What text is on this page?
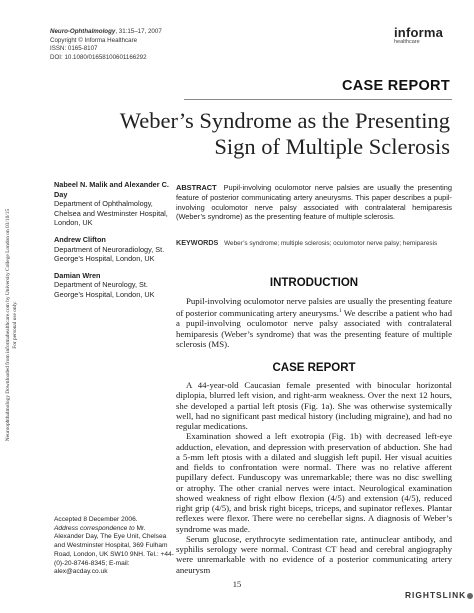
Neuro-Ophthalmology, 31:15–17, 2007
Copyright © Informa Healthcare
ISSN: 0165-8107
DOI: 10.1080/01658100601166292
informa
healthcare
Neuroophthalmology Downloaded from informahealthcare.com by University College London on 03/10/15 For personal use only.
CASE REPORT
Weber’s Syndrome as the Presenting
Sign of Multiple Sclerosis
Nabeel N. Malik and Alexander C. Day
Department of Ophthalmology, Chelsea and Westminster Hospital, London, UK
Andrew Clifton
Department of Neuroradiology, St. George’s Hospital, London, UK
Damian Wren
Department of Neurology, St. George’s Hospital, London, UK
ABSTRACT Pupil-involving oculomotor nerve palsies are usually the presenting feature of posterior communicating artery aneurysms. This paper describes a pupil-involving oculomotor nerve palsy associated with contralateral hemiparesis (Weber’s syndrome) as the presenting feature of multiple sclerosis.
KEYWORDS Weber’s syndrome; multiple sclerosis; oculomotor nerve palsy; hemiparesis
INTRODUCTION

Pupil-involving oculomotor nerve palsies are usually the presenting feature of posterior communicating artery aneurysms.$^1$ We describe a patient who had a pupil-involving oculomotor nerve palsy associated with contralateral hemiparesis (Weber’s syndrome) that was the presenting feature of multiple sclerosis (MS).

CASE REPORT

A 44-year-old Caucasian female presented with binocular horizontal diplopia, blurred left vision, and right-arm weakness. Over the next 12 hours, she developed a partial left ptosis (Fig. 1a). She was otherwise systemically well, had no significant past medical history (including migraine), and had no regular medications.

Examination showed a left exotropia (Fig. 1b) with decreased left-eye adduction, elevation, and depression with preservation of abduction. She had a 5-mm left ptosis with a dilated and sluggish left pupil. Her visual acuities and fields to confrontation were normal. There was no relative afferent pupillary defect. Funduscopy was unremarkable; there was no disc swelling or atrophy. The other cranial nerves were intact. Neurological examination showed weakness of right elbow flexion (4/5) and extension (4/5), reduced right grip (4/5), and brisk right biceps, triceps, and supinator reflexes. Plantar reflexes were flexor. There were no cerebellar signs. A diagnosis of Weber’s syndrome was made.

Serum glucose, erythrocyte sedimentation rate, antinuclear antibody, and syphilis serology were normal. Contrast CT head and cerebral angiography were unremarkable with no evidence of a posterior communicating artery aneurysm

Accepted 8 December 2006.
Address correspondence to Mr. Alexander Day, The Eye Unit, Chelsea and Westminster Hospital, 369 Fulham Road, London, UK SW10 9NH. Tel.: +44-(0)-20-8746-8345; E-mail: alex@acday.co.uk
15
RIGHTSLINK
